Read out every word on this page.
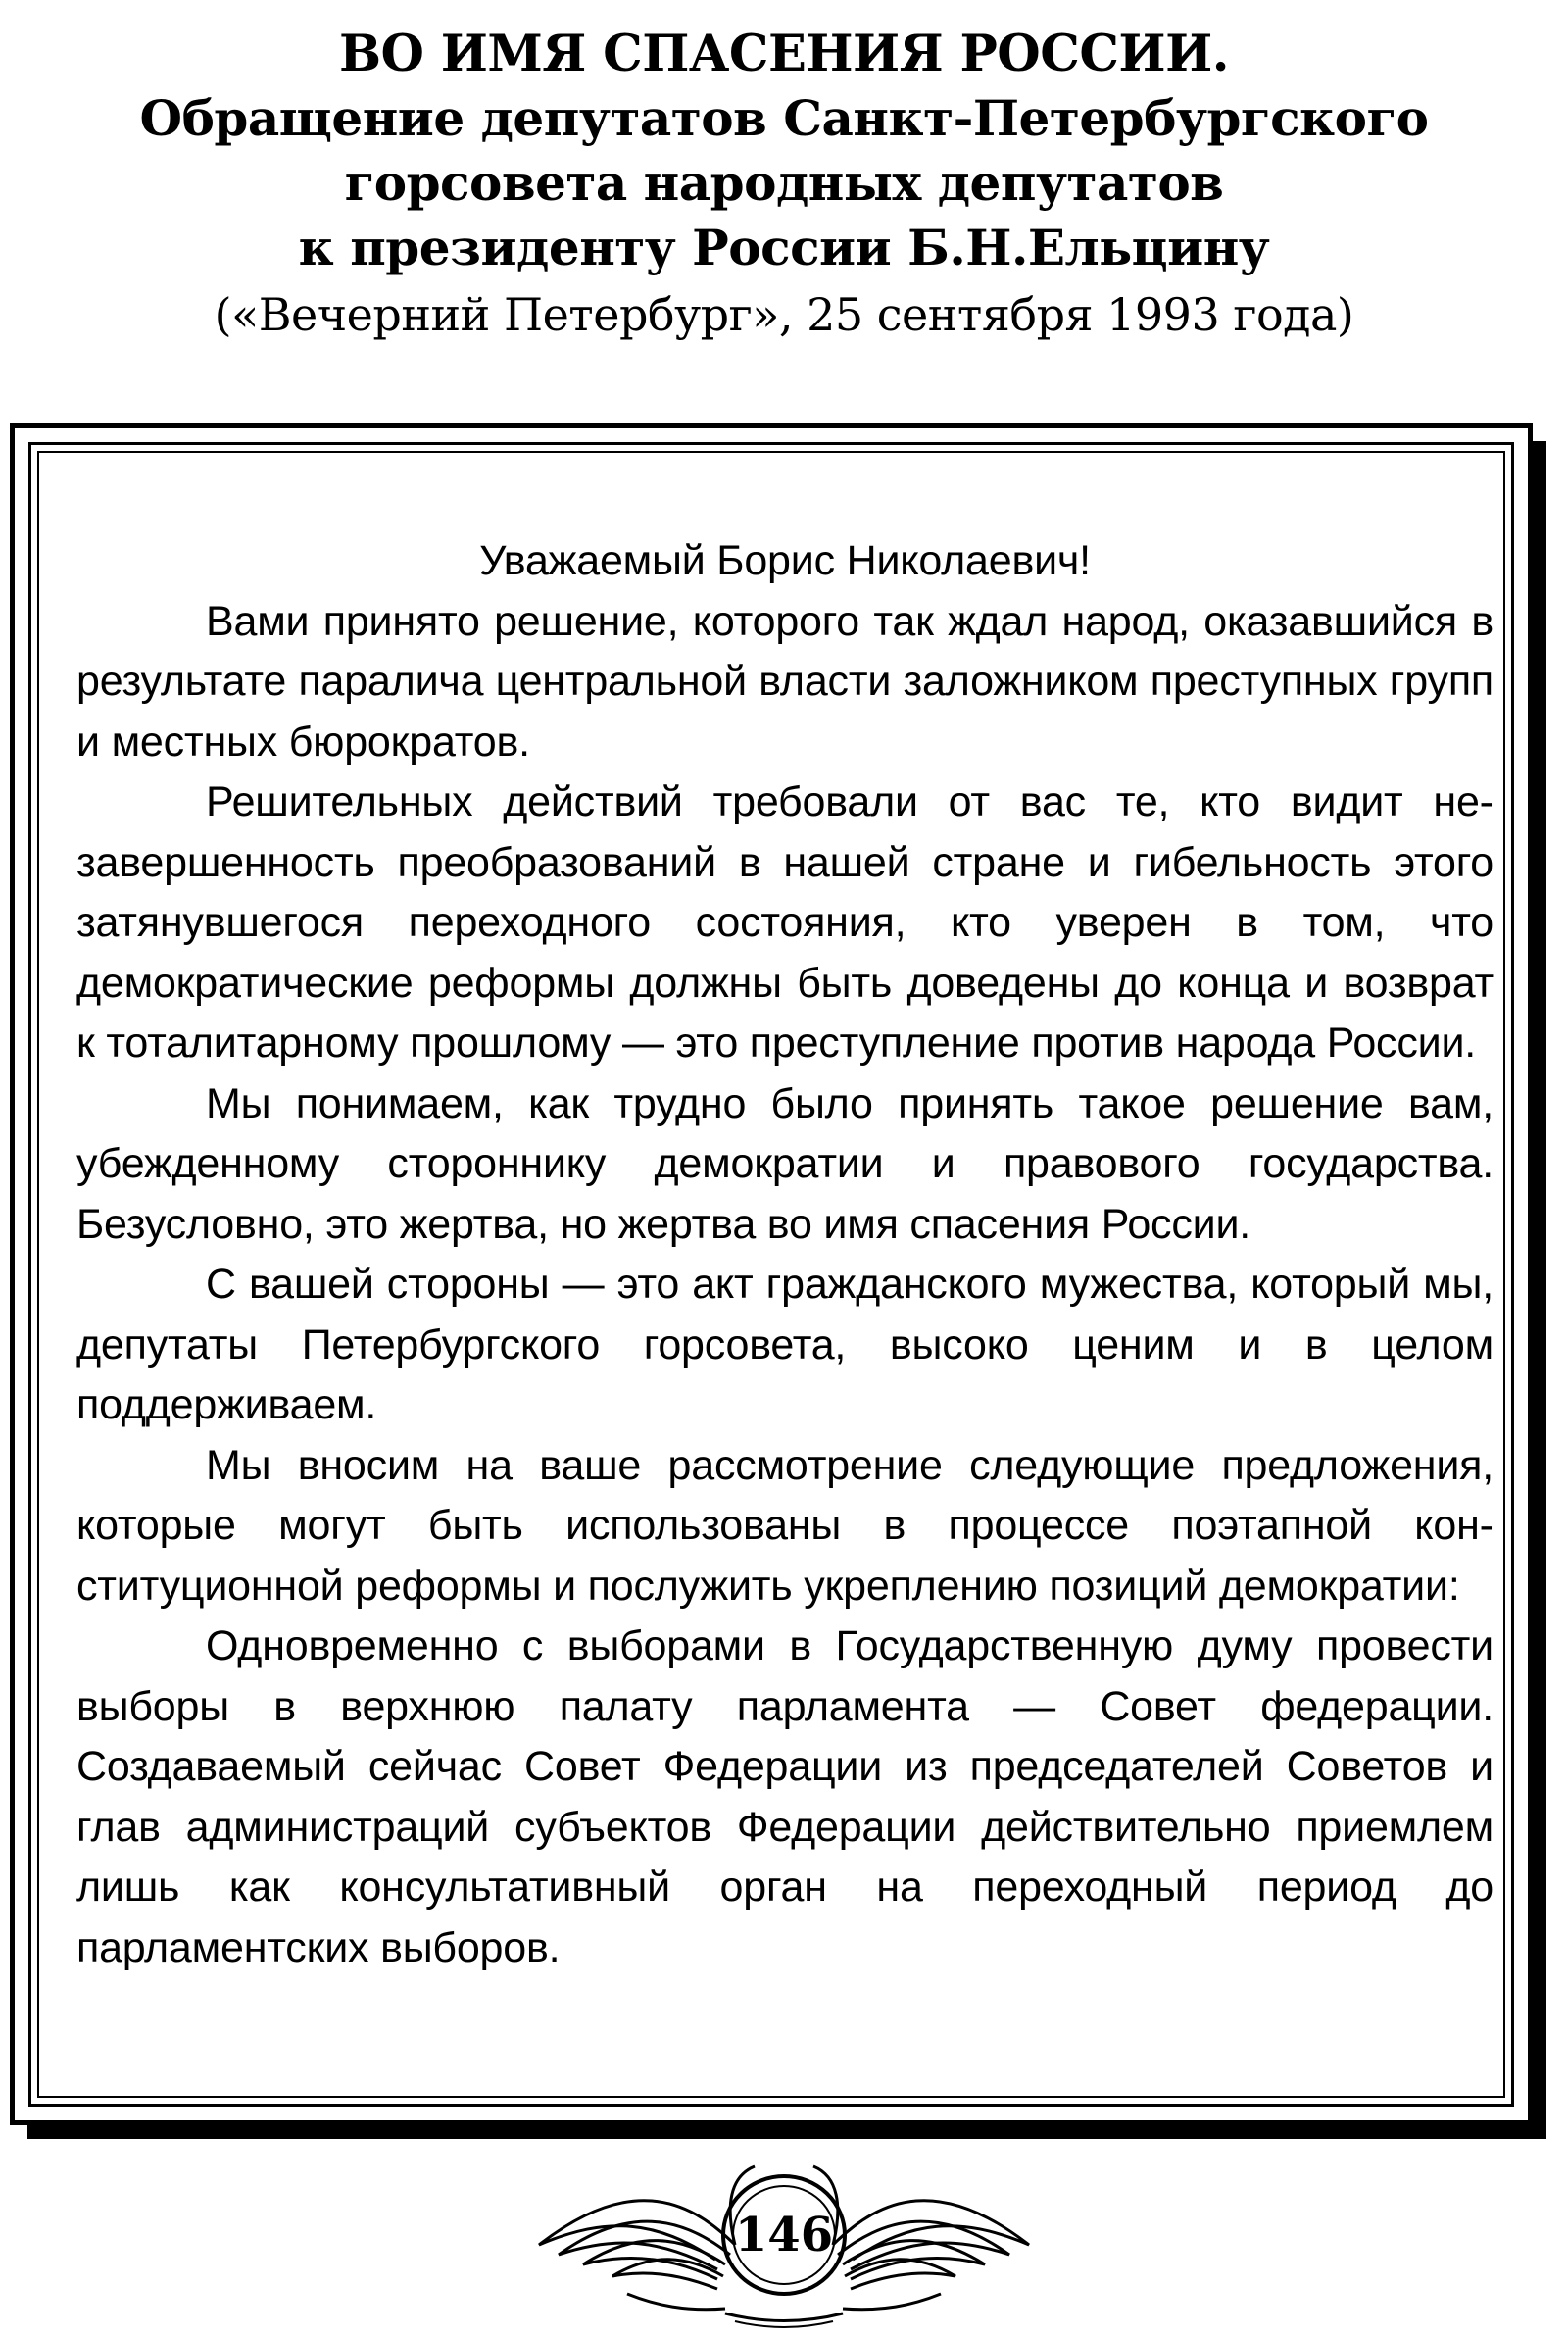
ВО ИМЯ СПАСЕНИЯ РОССИИ.
Обращение депутатов Санкт-Петербургского
горсовета народных депутатов
к президенту России Б.Н.Ельцину
(«Вечерний Петербург», 25 сентября 1993 года)
Уважаемый Борис Николаевич!

Вами принято решение, которого так ждал народ, оказавшийся в результате паралича центральной власти заложником преступных групп и местных бюрократов.

Решительных действий требовали от вас те, кто видит незавершенность преобразований в нашей стране и гибельность этого затянувшегося переходного состояния, кто уверен в том, что демократические реформы должны быть доведены до конца и возврат к тоталитарному прошлому — это преступление против народа России.

Мы понимаем, как трудно было принять такое решение вам, убежденному стороннику демократии и правового государства. Безусловно, это жертва, но жертва во имя спасения России.

С вашей стороны — это акт гражданского мужества, который мы, депутаты Петербургского горсовета, высоко ценим и в целом поддерживаем.

Мы вносим на ваше рассмотрение следующие предложения, которые могут быть использованы в процессе поэтапной конституционной реформы и послужить укреплению позиций демократии:

Одновременно с выборами в Государственную думу провести выборы в верхнюю палату парламента — Совет федерации. Создаваемый сейчас Совет Федерации из председателей Советов и глав администраций субъектов Федерации действительно приемлем лишь как консультативный орган на переходный период до парламентских выборов.

146
